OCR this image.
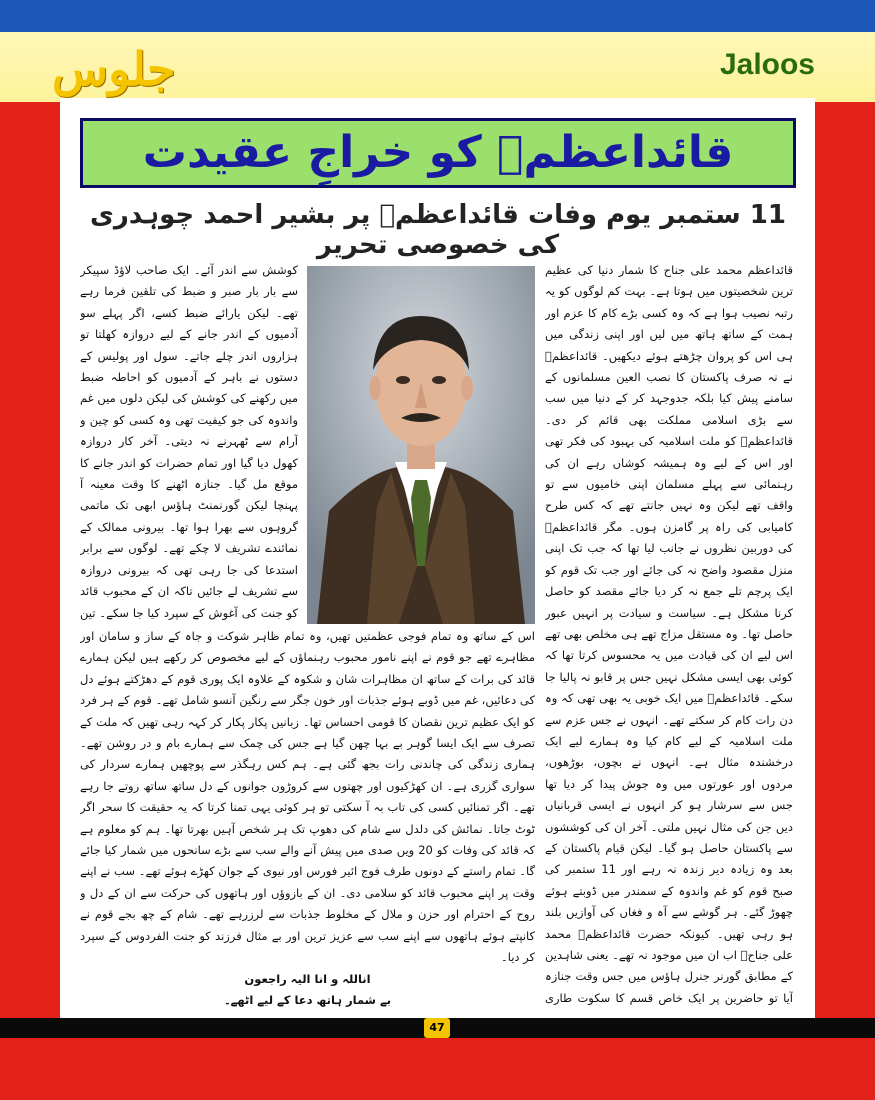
جلوس	Jaloos
قائداعظمؒ کو خراجِ عقیدت
11 ستمبر یوم وفات قائداعظمؒ پر بشیر احمد چوہدری کی خصوصی تحریر
قائداعظم محمد علی جناح کا شمار دنیا کی عظیم ترین شخصیتوں میں ہوتا ہے۔ بہت کم لوگوں کو یہ رتبہ نصیب ہوا ہے کہ وہ کسی بڑے کام کا عزم اور ہمت کے ساتھ ہاتھ میں لیں اور اپنی زندگی میں ہی اس کو پروان چڑھتے ہوئے دیکھیں۔ قائداعظمؒ نے نہ صرف پاکستان کا نصب العین مسلمانوں کے سامنے پیش کیا بلکہ جدوجہد کر کے دنیا میں سب سے بڑی اسلامی مملکت بھی قائم کر دی۔ قائداعظمؒ کو ملت اسلامیہ کی بہبود کی فکر تھی اور اس کے لیے وہ ہمیشہ کوشاں رہے ان کی رہنمائی سے پہلے مسلمان اپنی خامیوں سے تو واقف تھے لیکن وہ نہیں جانتے تھے کہ کس طرح کامیابی کی راہ پر گامزن ہوں۔ مگر قائداعظمؒ کی دوربین نظروں نے جانب لیا تھا کہ جب تک اپنی منزل مقصود واضح نہ کی جائے اور جب تک قوم کو ایک پرچم تلے جمع نہ کر دیا جائے مقصد کو حاصل کرنا مشکل ہے۔ سیاست و سیادت پر انہیں عبور حاصل تھا۔ وہ مستقل مزاج تھے ہی مخلص بھی تھے اس لیے ان کی قیادت میں یہ محسوس کرتا تھا کہ کوئی بھی ایسی مشکل نہیں جس پر قابو نہ پالیا جا سکے۔ قائداعظمؒ میں ایک خوبی یہ بھی تھی کہ وہ دن رات کام کر سکتے تھے۔ انہوں نے جس عزم سے ملت اسلامیہ کے لیے کام کیا وہ ہمارے لیے ایک درخشندہ مثال ہے۔ انہوں نے بچوں، بوڑھوں، مردوں اور عورتوں میں وہ جوش پیدا کر دیا تھا جس سے سرشار ہو کر انہوں نے ایسی قربانیاں دیں جن کی مثال نہیں ملتی۔ آخر ان کی کوششوں سے پاکستان حاصل ہو گیا۔ لیکن قیام پاکستان کے بعد وہ زیادہ دیر زندہ نہ رہے اور 11 ستمبر کی صبح قوم کو غم واندوہ کے سمندر میں ڈوبتے ہوئے چھوڑ گئے۔ ہر گوشے سے آہ و فغاں کی آوازیں بلند ہو رہی تھیں۔ کیونکہ حضرت قائداعظمؒ محمد علی جناحؒ اب ان میں موجود نہ تھے۔ یعنی شاہدین کے مطابق گورنر جنرل ہاؤس میں جس وقت جنازہ آیا تو حاضرین پر ایک خاص قسم کا سکوت طاری
کوشش سے اندر آئے۔ ایک صاحب لاؤڈ سپیکر سے بار بار صبر و ضبط کی تلقین فرما رہے تھے۔ لیکن یارائے ضبط کسے، اگر پہلے سو آدمیوں کے اندر جانے کے لیے دروازہ کھلتا تو ہزاروں اندر چلے جاتے۔ سول اور پولیس کے دستوں نے باہر کے آدمیوں کو احاطہ ضبط میں رکھنے کی کوشش کی لیکن دلوں میں غم واندوہ کی جو کیفیت تھی وہ کسی کو چین و آرام سے ٹھہرنے نہ دیتی۔ آخر کار دروازہ کھول دیا گیا اور تمام حضرات کو اندر جانے کا موقع مل گیا۔ جنازہ اٹھنے کا وقت معینہ آ پہنچا لیکن گورنمنٹ ہاؤس ابھی تک ماتمی گروہوں سے بھرا ہوا تھا۔ بیرونی ممالک کے نمائندے تشریف لا چکے تھے۔ لوگوں سے برابر استدعا کی جا رہی تھی کہ بیرونی دروازہ سے تشریف لے جائیں تاکہ ان کے محبوب قائد کو جنت کی آغوش کے سپرد کیا جا سکے۔ تین
اس کے ساتھ وہ تمام فوجی عظمتیں تھیں، وہ تمام ظاہر شوکت و جاہ کے ساز و سامان اور مظاہرے تھے جو قوم نے اپنے نامور محبوب رہنماؤں کے لیے مخصوص کر رکھے ہیں لیکن ہمارے قائد کی برات کے ساتھ ان مظاہرات شان و شکوہ کے علاوہ ایک پوری قوم کے دھڑکتے ہوئے دل کی دعائیں، غم میں ڈوبے ہوئے جذبات اور خون جگر سے رنگین آنسو شامل تھے۔ قوم کے ہر فرد کو ایک عظیم ترین نقصان کا قومی احساس تھا۔ زبانیں پکار پکار کر کہہ رہی تھیں کہ ملت کے تصرف سے ایک ایسا گوہر بے بہا چھن گیا ہے جس کی چمک سے ہمارے بام و در روشن تھے۔ ہماری زندگی کی چاندنی رات بجھ گئی ہے۔ ہم کس رہگذر سے پوچھیں ہمارے سردار کی سواری گزری ہے۔ ان کھڑکیوں اور چھتوں سے کروڑوں جوانوں کے دل ساتھ ساتھ روتے جا رہے تھے۔ اگر تمنائیں کسی کی تاب بہ آ سکتی تو ہر کوئی یہی تمنا کرتا کہ یہ حقیقت کا سحر اگر ٹوٹ جاتا۔ نمائش کی دلدل سے شام کی دھوپ تک ہر شخص آہیں بھرتا تھا۔ ہم کو معلوم ہے کہ قائد کی وفات کو 20 ویں صدی میں پیش آنے والے سب سے بڑے سانحوں میں شمار کیا جائے گا۔ تمام راستے کے دونوں طرف فوج ائیر فورس اور نیوی کے جوان کھڑے ہوئے تھے۔ سب نے اپنے وقت پر اپنے محبوب قائد کو سلامی دی۔ ان کے بازوؤں اور ہاتھوں کی حرکت سے ان کے دل و روح کے احترام اور حزن و ملال کے مخلوط جذبات سے لرزرہے تھے۔ شام کے چھ بجے قوم نے کانپتے ہوئے ہاتھوں سے اپنے سب سے عزیز ترین اور بے مثال فرزند کو جنت الفردوس کے سپرد کر دیا۔
اناللہ و انا الیہ راجعون
بے شمار ہاتھ دعا کے لیے اٹھے۔
47
